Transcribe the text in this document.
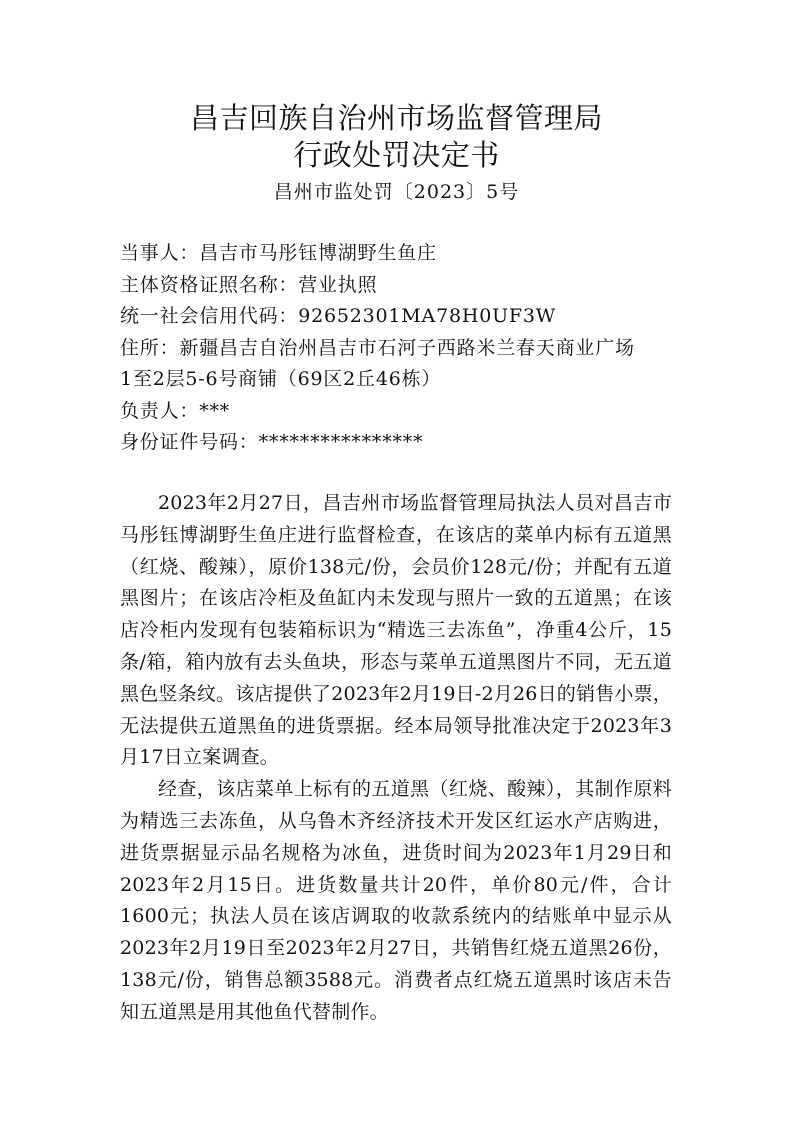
昌吉回族自治州市场监督管理局
行政处罚决定书
昌州市监处罚〔2023〕5号
当事人：昌吉市马彤钰博湖野生鱼庄
主体资格证照名称：营业执照
统一社会信用代码：92652301MA78H0UF3W
住所：新疆昌吉自治州昌吉市石河子西路米兰春天商业广场
1至2层5-6号商铺（69区2丘46栋）
负责人：***
身份证件号码：****************

2023年2月27日，昌吉州市场监督管理局执法人员对昌吉市马彤钰博湖野生鱼庄进行监督检查，在该店的菜单内标有五道黑（红烧、酸辣），原价138元/份，会员价128元/份；并配有五道黑图片；在该店冷柜及鱼缸内未发现与照片一致的五道黑；在该店冷柜内发现有包装箱标识为“精选三去冻鱼”，净重4公斤，15条/箱，箱内放有去头鱼块，形态与菜单五道黑图片不同，无五道黑色竖条纹。该店提供了2023年2月19日-2月26日的销售小票，无法提供五道黑鱼的进货票据。经本局领导批准决定于2023年3月17日立案调查。

经查，该店菜单上标有的五道黑（红烧、酸辣），其制作原料为精选三去冻鱼，从乌鲁木齐经济技术开发区红运水产店购进，进货票据显示品名规格为冰鱼，进货时间为2023年1月29日和2023年2月15日。进货数量共计20件，单价80元/件，合计1600元；执法人员在该店调取的收款系统内的结账单中显示从2023年2月19日至2023年2月27日，共销售红烧五道黑26份，138元/份，销售总额3588元。消费者点红烧五道黑时该店未告知五道黑是用其他鱼代替制作。
